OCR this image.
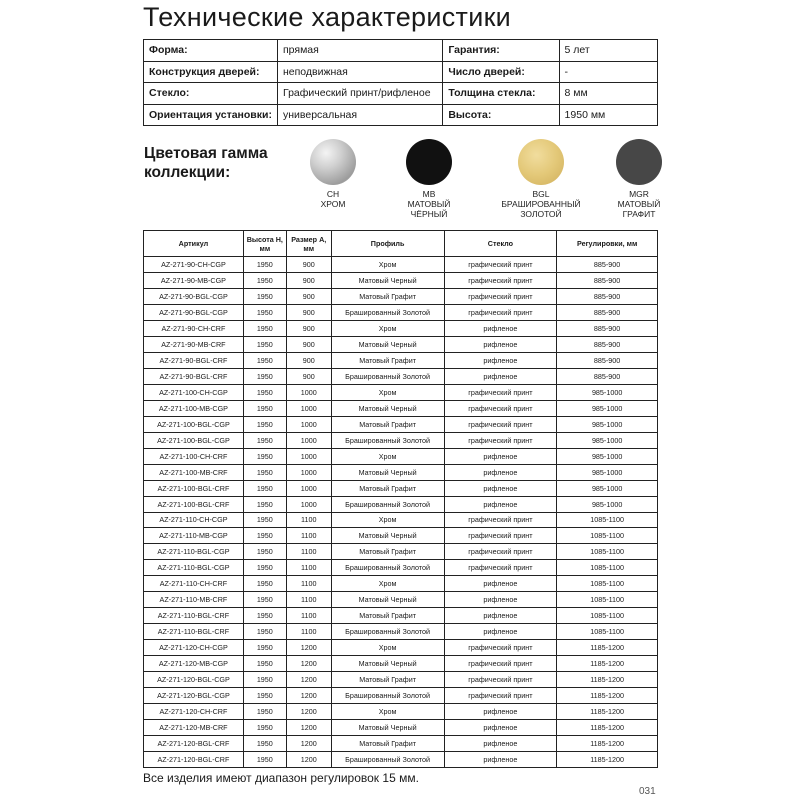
Технические характеристики
Форма:	прямая	Гарантия:	5 лет
Конструкция дверей:	неподвижная	Число дверей:	-
Стекло:	Графический принт/рифленое	Толщина стекла:	8 мм
Ориентация установки:	универсальная	Высота:	1950 мм
Цветовая гамма
коллекции:
CH
ХРОМ
MB
МАТОВЫЙ
ЧЁРНЫЙ
BGL
БРАШИРОВАННЫЙ
ЗОЛОТОЙ
MGR
МАТОВЫЙ
ГРАФИТ
Артикул	Высота H, мм	Размер A, мм	Профиль	Стекло	Регулировки, мм
AZ-271-90-CH-CGP	1950	900	Хром	графический принт	885-900
AZ-271-90-MB-CGP	1950	900	Матовый Черный	графический принт	885-900
AZ-271-90-BGL-CGP	1950	900	Матовый Графит	графический принт	885-900
AZ-271-90-BGL-CGP	1950	900	Брашированный Золотой	графический принт	885-900
AZ-271-90-CH-CRF	1950	900	Хром	рифленое	885-900
AZ-271-90-MB-CRF	1950	900	Матовый Черный	рифленое	885-900
AZ-271-90-BGL-CRF	1950	900	Матовый Графит	рифленое	885-900
AZ-271-90-BGL-CRF	1950	900	Брашированный Золотой	рифленое	885-900
AZ-271-100-CH-CGP	1950	1000	Хром	графический принт	985-1000
AZ-271-100-MB-CGP	1950	1000	Матовый Черный	графический принт	985-1000
AZ-271-100-BGL-CGP	1950	1000	Матовый Графит	графический принт	985-1000
AZ-271-100-BGL-CGP	1950	1000	Брашированный Золотой	графический принт	985-1000
AZ-271-100-CH-CRF	1950	1000	Хром	рифленое	985-1000
AZ-271-100-MB-CRF	1950	1000	Матовый Черный	рифленое	985-1000
AZ-271-100-BGL-CRF	1950	1000	Матовый Графит	рифленое	985-1000
AZ-271-100-BGL-CRF	1950	1000	Брашированный Золотой	рифленое	985-1000
AZ-271-110-CH-CGP	1950	1100	Хром	графический принт	1085-1100
AZ-271-110-MB-CGP	1950	1100	Матовый Черный	графический принт	1085-1100
AZ-271-110-BGL-CGP	1950	1100	Матовый Графит	графический принт	1085-1100
AZ-271-110-BGL-CGP	1950	1100	Брашированный Золотой	графический принт	1085-1100
AZ-271-110-CH-CRF	1950	1100	Хром	рифленое	1085-1100
AZ-271-110-MB-CRF	1950	1100	Матовый Черный	рифленое	1085-1100
AZ-271-110-BGL-CRF	1950	1100	Матовый Графит	рифленое	1085-1100
AZ-271-110-BGL-CRF	1950	1100	Брашированный Золотой	рифленое	1085-1100
AZ-271-120-CH-CGP	1950	1200	Хром	графический принт	1185-1200
AZ-271-120-MB-CGP	1950	1200	Матовый Черный	графический принт	1185-1200
AZ-271-120-BGL-CGP	1950	1200	Матовый Графит	графический принт	1185-1200
AZ-271-120-BGL-CGP	1950	1200	Брашированный Золотой	графический принт	1185-1200
AZ-271-120-CH-CRF	1950	1200	Хром	рифленое	1185-1200
AZ-271-120-MB-CRF	1950	1200	Матовый Черный	рифленое	1185-1200
AZ-271-120-BGL-CRF	1950	1200	Матовый Графит	рифленое	1185-1200
AZ-271-120-BGL-CRF	1950	1200	Брашированный Золотой	рифленое	1185-1200
Все изделия имеют диапазон регулировок 15 мм.
031
